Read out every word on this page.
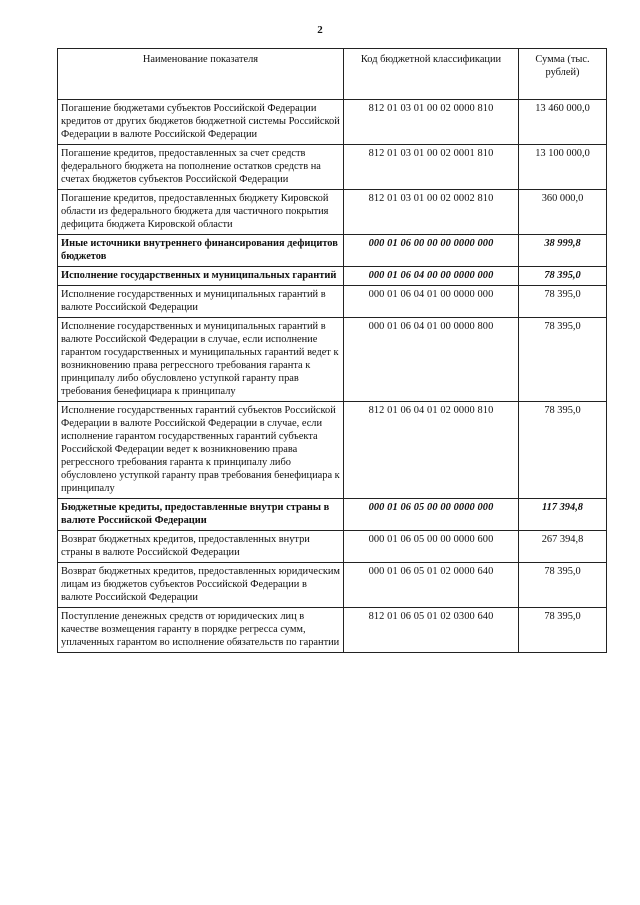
2
Наименование показателя	Код бюджетной классификации	Сумма (тыс. рублей)
Погашение бюджетами субъектов Российской Федерации кредитов от других бюджетов бюджетной системы Российской Федерации в валюте Российской Федерации	812 01 03 01 00 02 0000 810	13 460 000,0
Погашение кредитов, предоставленных за счет средств федерального бюджета на пополнение остатков средств на счетах бюджетов субъектов Российской Федерации	812 01 03 01 00 02 0001 810	13 100 000,0
Погашение кредитов, предоставленных бюджету Кировской области из федерального бюджета для частичного покрытия дефицита бюджета Кировской области	812 01 03 01 00 02 0002 810	360 000,0
Иные источники внутреннего финансирования дефицитов бюджетов	000 01 06 00 00 00 0000 000	38 999,8
Исполнение государственных и муниципальных гарантий	000 01 06 04 00 00 0000 000	78 395,0
Исполнение государственных и муниципальных гарантий в валюте Российской Федерации	000 01 06 04 01 00 0000 000	78 395,0
Исполнение государственных и муниципальных гарантий в валюте Российской Федерации в случае, если исполнение гарантом государственных и муниципальных гарантий ведет к возникновению права регрессного требования гаранта к принципалу либо обусловлено уступкой гаранту прав требования бенефициара к принципалу	000 01 06 04 01 00 0000 800	78 395,0
Исполнение государственных гарантий субъектов Российской Федерации в валюте Российской Федерации в случае, если исполнение гарантом государственных гарантий субъекта Российской Федерации ведет к возникновению права регрессного требования гаранта к принципалу либо обусловлено уступкой гаранту прав требования бенефициара к принципалу	812 01 06 04 01 02 0000 810	78 395,0
Бюджетные кредиты, предоставленные внутри страны в валюте Российской Федерации	000 01 06 05 00 00 0000 000	117 394,8
Возврат бюджетных кредитов, предоставленных внутри страны в валюте Российской Федерации	000 01 06 05 00 00 0000 600	267 394,8
Возврат бюджетных кредитов, предоставленных юридическим лицам из бюджетов субъектов Российской Федерации в валюте Российской Федерации	000 01 06 05 01 02 0000 640	78 395,0
Поступление денежных средств от юридических лиц в качестве возмещения гаранту в порядке регресса сумм, уплаченных гарантом во исполнение обязательств по гарантии	812 01 06 05 01 02 0300 640	78 395,0
